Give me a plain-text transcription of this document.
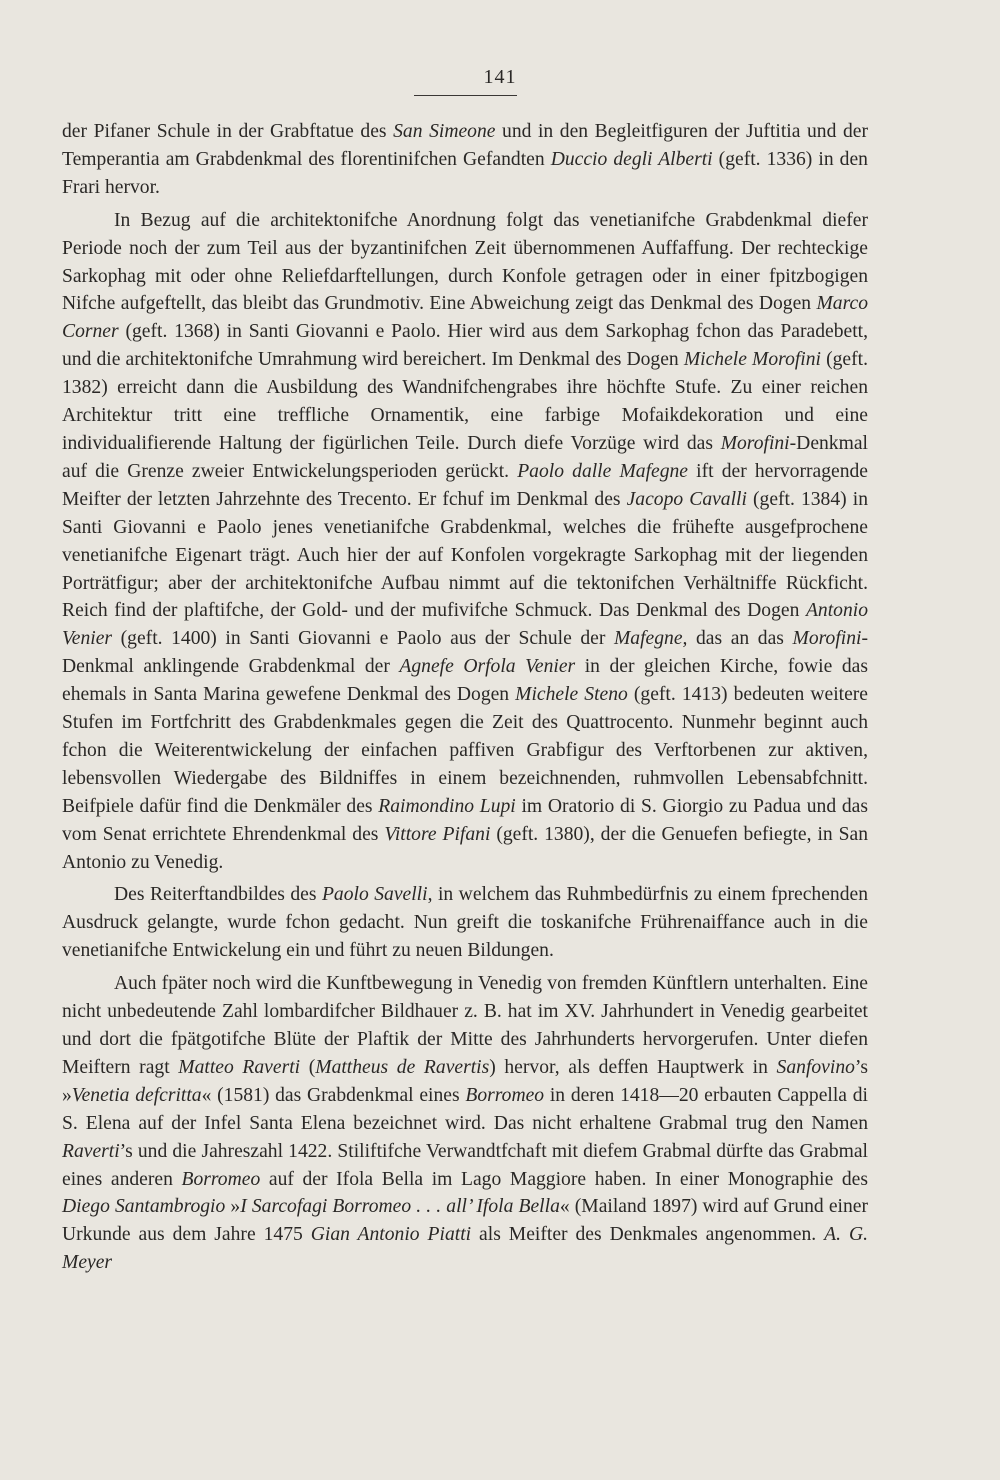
141

der Pifaner Schule in der Grabftatue des San Simeone und in den Begleitfiguren der Juftitia und der Temperantia am Grabdenkmal des florentinifchen Gefandten Duccio degli Alberti (geft. 1336) in den Frari hervor.

In Bezug auf die architektonifche Anordnung folgt das venetianifche Grabdenkmal diefer Periode noch der zum Teil aus der byzantinifchen Zeit übernommenen Auffaffung. Der rechteckige Sarkophag mit oder ohne Reliefdarftellungen, durch Konfole getragen oder in einer fpitzbogigen Nifche aufgeftellt, das bleibt das Grundmotiv. Eine Abweichung zeigt das Denkmal des Dogen Marco Corner (geft. 1368) in Santi Giovanni e Paolo. Hier wird aus dem Sarkophag fchon das Paradebett, und die architektonifche Umrahmung wird bereichert. Im Denkmal des Dogen Michele Morofini (geft. 1382) erreicht dann die Ausbildung des Wandnifchengrabes ihre höchfte Stufe. Zu einer reichen Architektur tritt eine treffliche Ornamentik, eine farbige Mofaikdekoration und eine individualifierende Haltung der figürlichen Teile. Durch diefe Vorzüge wird das Morofini-Denkmal auf die Grenze zweier Entwickelungsperioden gerückt. Paolo dalle Mafegne ift der hervorragende Meifter der letzten Jahrzehnte des Trecento. Er fchuf im Denkmal des Jacopo Cavalli (geft. 1384) in Santi Giovanni e Paolo jenes venetianifche Grabdenkmal, welches die frühefte ausgefprochene venetianifche Eigenart trägt. Auch hier der auf Konfolen vorgekragte Sarkophag mit der liegenden Porträtfigur; aber der architektonifche Aufbau nimmt auf die tektonifchen Verhältniffe Rückficht. Reich find der plaftifche, der Gold- und der mufivifche Schmuck. Das Denkmal des Dogen Antonio Venier (geft. 1400) in Santi Giovanni e Paolo aus der Schule der Mafegne, das an das Morofini-Denkmal anklingende Grabdenkmal der Agnefe Orfola Venier in der gleichen Kirche, fowie das ehemals in Santa Marina gewefene Denkmal des Dogen Michele Steno (geft. 1413) bedeuten weitere Stufen im Fortfchritt des Grabdenkmales gegen die Zeit des Quattrocento. Nunmehr beginnt auch fchon die Weiterentwickelung der einfachen paffiven Grabfigur des Verftorbenen zur aktiven, lebensvollen Wiedergabe des Bildniffes in einem bezeichnenden, ruhmvollen Lebensabfchnitt. Beifpiele dafür find die Denkmäler des Raimondino Lupi im Oratorio di S. Giorgio zu Padua und das vom Senat errichtete Ehrendenkmal des Vittore Pifani (geft. 1380), der die Genuefen befiegte, in San Antonio zu Venedig.

Des Reiterftandbildes des Paolo Savelli, in welchem das Ruhmbedürfnis zu einem fprechenden Ausdruck gelangte, wurde fchon gedacht. Nun greift die toskanifche Frührenaiffance auch in die venetianifche Entwickelung ein und führt zu neuen Bildungen.

Auch fpäter noch wird die Kunftbewegung in Venedig von fremden Künftlern unterhalten. Eine nicht unbedeutende Zahl lombardifcher Bildhauer z. B. hat im XV. Jahrhundert in Venedig gearbeitet und dort die fpätgotifche Blüte der Plaftik der Mitte des Jahrhunderts hervorgerufen. Unter diefen Meiftern ragt Matteo Raverti (Mattheus de Ravertis) hervor, als deffen Hauptwerk in Sanfovino’s »Venetia defcritta« (1581) das Grabdenkmal eines Borromeo in deren 1418—20 erbauten Cappella di S. Elena auf der Infel Santa Elena bezeichnet wird. Das nicht erhaltene Grabmal trug den Namen Raverti’s und die Jahreszahl 1422. Stiliftifche Verwandtfchaft mit diefem Grabmal dürfte das Grabmal eines anderen Borromeo auf der Ifola Bella im Lago Maggiore haben. In einer Monographie des Diego Santambrogio »I Sarcofagi Borromeo . . . all’ Ifola Bella« (Mailand 1897) wird auf Grund einer Urkunde aus dem Jahre 1475 Gian Antonio Piatti als Meifter des Denkmales angenommen. A. G. Meyer
